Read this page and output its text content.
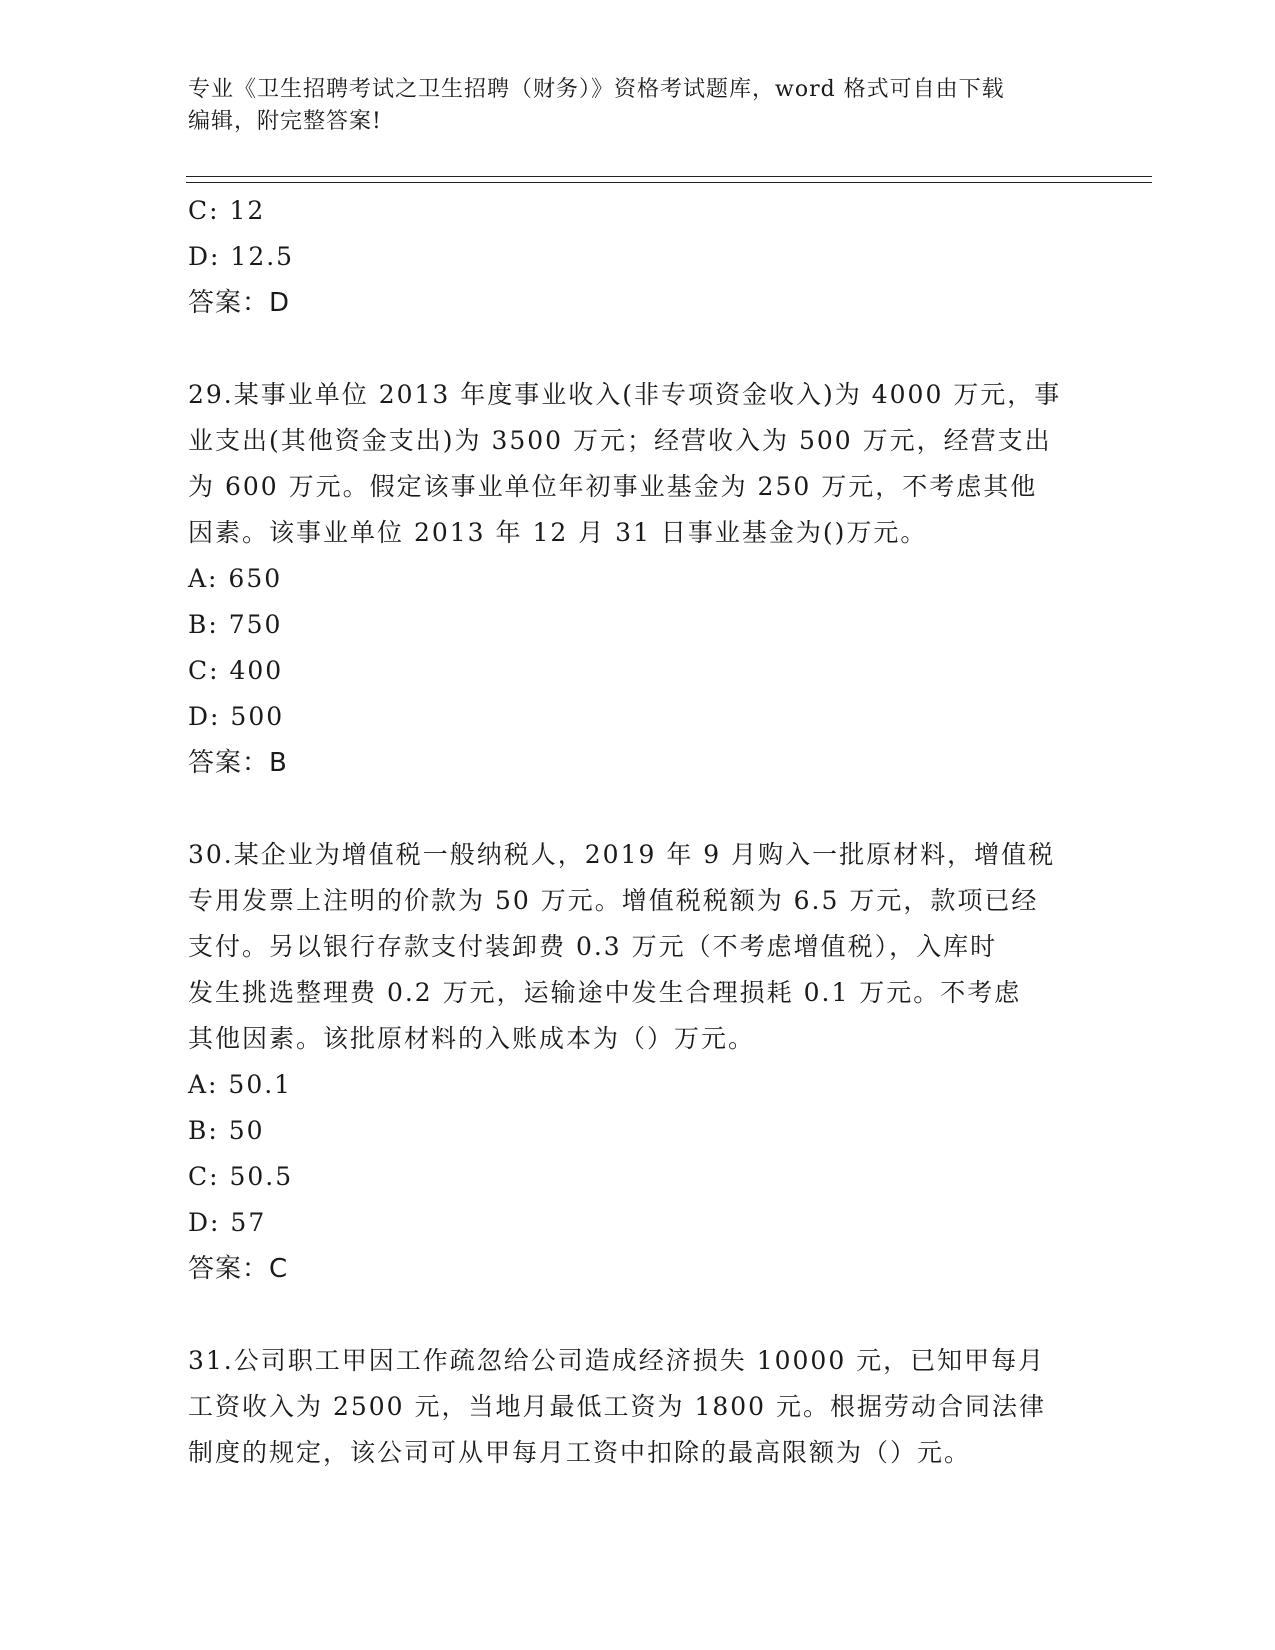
专业《卫生招聘考试之卫生招聘（财务）》资格考试题库，word 格式可自由下载
编辑，附完整答案!
C: 12
D: 12.5
答案：D
29.某事业单位 2013 年度事业收入(非专项资金收入)为 4000 万元，事
业支出(其他资金支出)为 3500 万元；经营收入为 500 万元，经营支出
为 600 万元。假定该事业单位年初事业基金为 250 万元，不考虑其他
因素。该事业单位 2013 年 12 月 31 日事业基金为()万元。
A: 650
B: 750
C: 400
D: 500
答案：B
30.某企业为增值税一般纳税人，2019 年 9 月购入一批原材料，增值税
专用发票上注明的价款为 50 万元。增值税税额为 6.5 万元，款项已经
支付。另以银行存款支付装卸费 0.3 万元（不考虑增值税），入库时
发生挑选整理费 0.2 万元，运输途中发生合理损耗 0.1 万元。不考虑
其他因素。该批原材料的入账成本为（）万元。
A: 50.1
B: 50
C: 50.5
D: 57
答案：C
31.公司职工甲因工作疏忽给公司造成经济损失 10000 元，已知甲每月
工资收入为 2500 元，当地月最低工资为 1800 元。根据劳动合同法律
制度的规定，该公司可从甲每月工资中扣除的最高限额为（）元。
